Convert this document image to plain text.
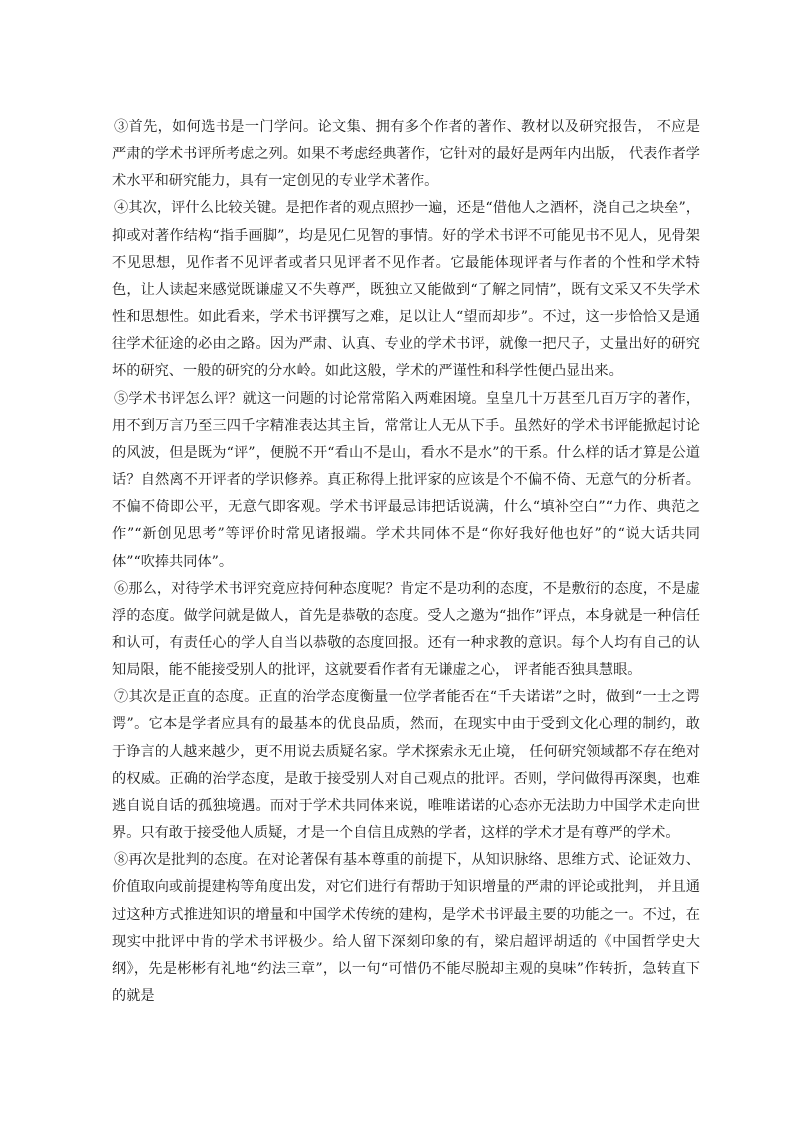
③首先，如何选书是一门学问。论文集、拥有多个作者的著作、教材以及研究报告， 不应是严肃的学术书评所考虑之列。如果不考虑经典著作，它针对的最好是两年内出版， 代表作者学术水平和研究能力，具有一定创见的专业学术著作。

④其次，评什么比较关键。是把作者的观点照抄一遍，还是“借他人之酒杯，浇自己之块垒”，抑或对著作结构“指手画脚”，均是见仁见智的事情。好的学术书评不可能见书不见人，见骨架不见思想，见作者不见评者或者只见评者不见作者。它最能体现评者与作者的个性和学术特色，让人读起来感觉既谦虚又不失尊严，既独立又能做到“了解之同情”，既有文采又不失学术性和思想性。如此看来，学术书评撰写之难，足以让人“望而却步”。不过，这一步恰恰又是通往学术征途的必由之路。因为严肃、认真、专业的学术书评，就像一把尺子，丈量出好的研究坏的研究、一般的研究的分水岭。如此这般，学术的严谨性和科学性便凸显出来。

⑤学术书评怎么评？就这一问题的讨论常常陷入两难困境。皇皇几十万甚至几百万字的著作，用不到万言乃至三四千字精准表达其主旨，常常让人无从下手。虽然好的学术书评能掀起讨论的风波，但是既为“评”，便脱不开“看山不是山，看水不是水”的干系。什么样的话才算是公道话？自然离不开评者的学识修养。真正称得上批评家的应该是个不偏不倚、无意气的分析者。不偏不倚即公平，无意气即客观。学术书评最忌讳把话说满，什么“填补空白”“力作、典范之作”“新创见思考”等评价时常见诸报端。学术共同体不是“你好我好他也好”的“说大话共同体”“吹捧共同体”。

⑥那么，对待学术书评究竟应持何种态度呢？肯定不是功利的态度，不是敷衍的态度，不是虚浮的态度。做学问就是做人，首先是恭敬的态度。受人之邀为“拙作”评点，本身就是一种信任和认可，有责任心的学人自当以恭敬的态度回报。还有一种求教的意识。每个人均有自己的认知局限，能不能接受别人的批评，这就要看作者有无谦虚之心， 评者能否独具慧眼。

⑦其次是正直的态度。正直的治学态度衡量一位学者能否在“千夫诺诺”之时，做到“一士之谔谔”。它本是学者应具有的最基本的优良品质，然而，在现实中由于受到文化心理的制约，敢于诤言的人越来越少，更不用说去质疑名家。学术探索永无止境， 任何研究领域都不存在绝对的权威。正确的治学态度，是敢于接受别人对自己观点的批评。否则，学问做得再深奥，也难逃自说自话的孤独境遇。而对于学术共同体来说，唯唯诺诺的心态亦无法助力中国学术走向世界。只有敢于接受他人质疑，才是一个自信且成熟的学者，这样的学术才是有尊严的学术。

⑧再次是批判的态度。在对论著保有基本尊重的前提下，从知识脉络、思维方式、论证效力、价值取向或前提建构等角度出发，对它们进行有帮助于知识增量的严肃的评论或批判， 并且通过这种方式推进知识的增量和中国学术传统的建构，是学术书评最主要的功能之一。不过，在现实中批评中肯的学术书评极少。给人留下深刻印象的有，梁启超评胡适的《中国哲学史大纲》，先是彬彬有礼地“约法三章”，以一句“可惜仍不能尽脱却主观的臭味”作转折，急转直下的就是
